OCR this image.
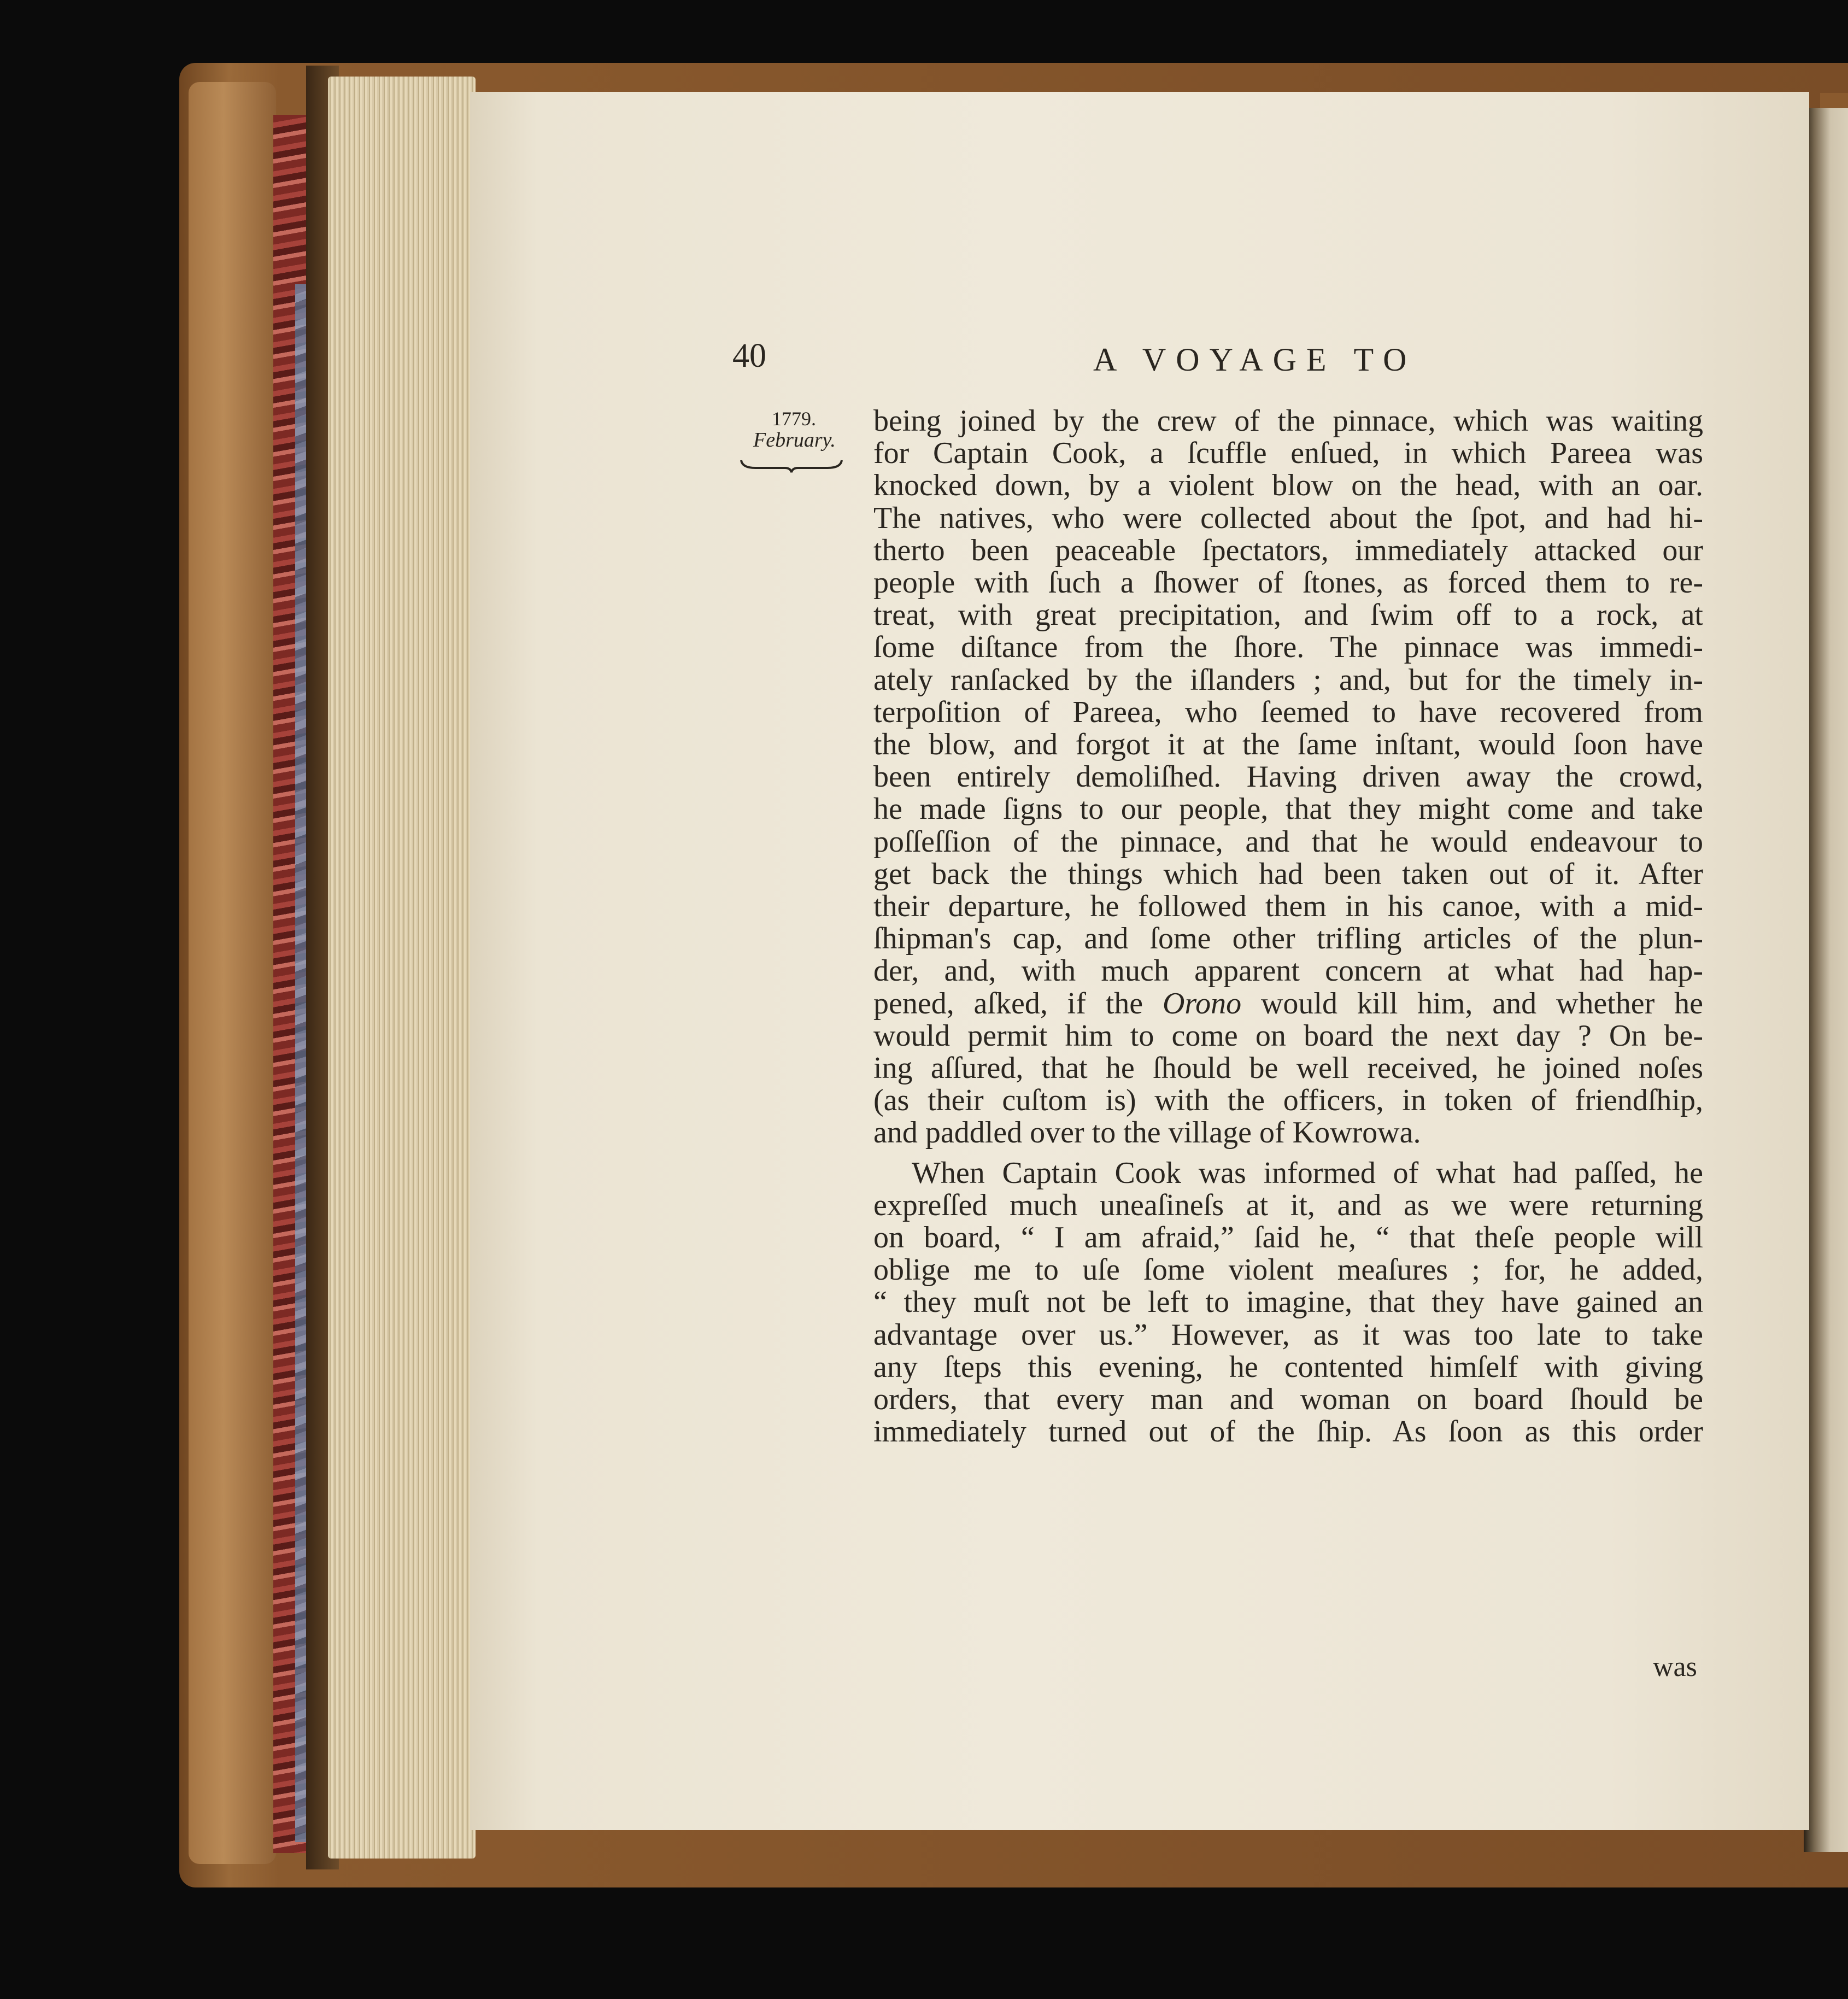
40	A VOYAGE TO
1779.
February.
being joined by the crew of the pinnace, which was waiting
for Captain Cook, a ſcuffle enſued, in which Pareea was
knocked down, by a violent blow on the head, with an oar.
The natives, who were collected about the ſpot, and had hi-
therto been peaceable ſpectators, immediately attacked our
people with ſuch a ſhower of ſtones, as forced them to re-
treat, with great precipitation, and ſwim off to a rock, at
ſome diſtance from the ſhore. The pinnace was immedi-
ately ranſacked by the iſlanders ; and, but for the timely in-
terpoſition of Pareea, who ſeemed to have recovered from
the blow, and forgot it at the ſame inſtant, would ſoon have
been entirely demoliſhed. Having driven away the crowd,
he made ſigns to our people, that they might come and take
poſſeſſion of the pinnace, and that he would endeavour to
get back the things which had been taken out of it. After
their departure, he followed them in his canoe, with a mid-
ſhipman's cap, and ſome other trifling articles of the plun-
der, and, with much apparent concern at what had hap-
pened, aſked, if the Orono would kill him, and whether he
would permit him to come on board the next day ? On be-
ing aſſured, that he ſhould be well received, he joined noſes
(as their cuſtom is) with the officers, in token of friendſhip,
and paddled over to the village of Kowrowa.
When Captain Cook was informed of what had paſſed, he
expreſſed much uneaſineſs at it, and as we were returning
on board, “ I am afraid,” ſaid he, “ that theſe people will
oblige me to uſe ſome violent meaſures ; for, he added,
“ they muſt not be left to imagine, that they have gained an
advantage over us.” However, as it was too late to take
any ſteps this evening, he contented himſelf with giving
orders, that every man and woman on board ſhould be
immediately turned out of the ſhip. As ſoon as this order
was
